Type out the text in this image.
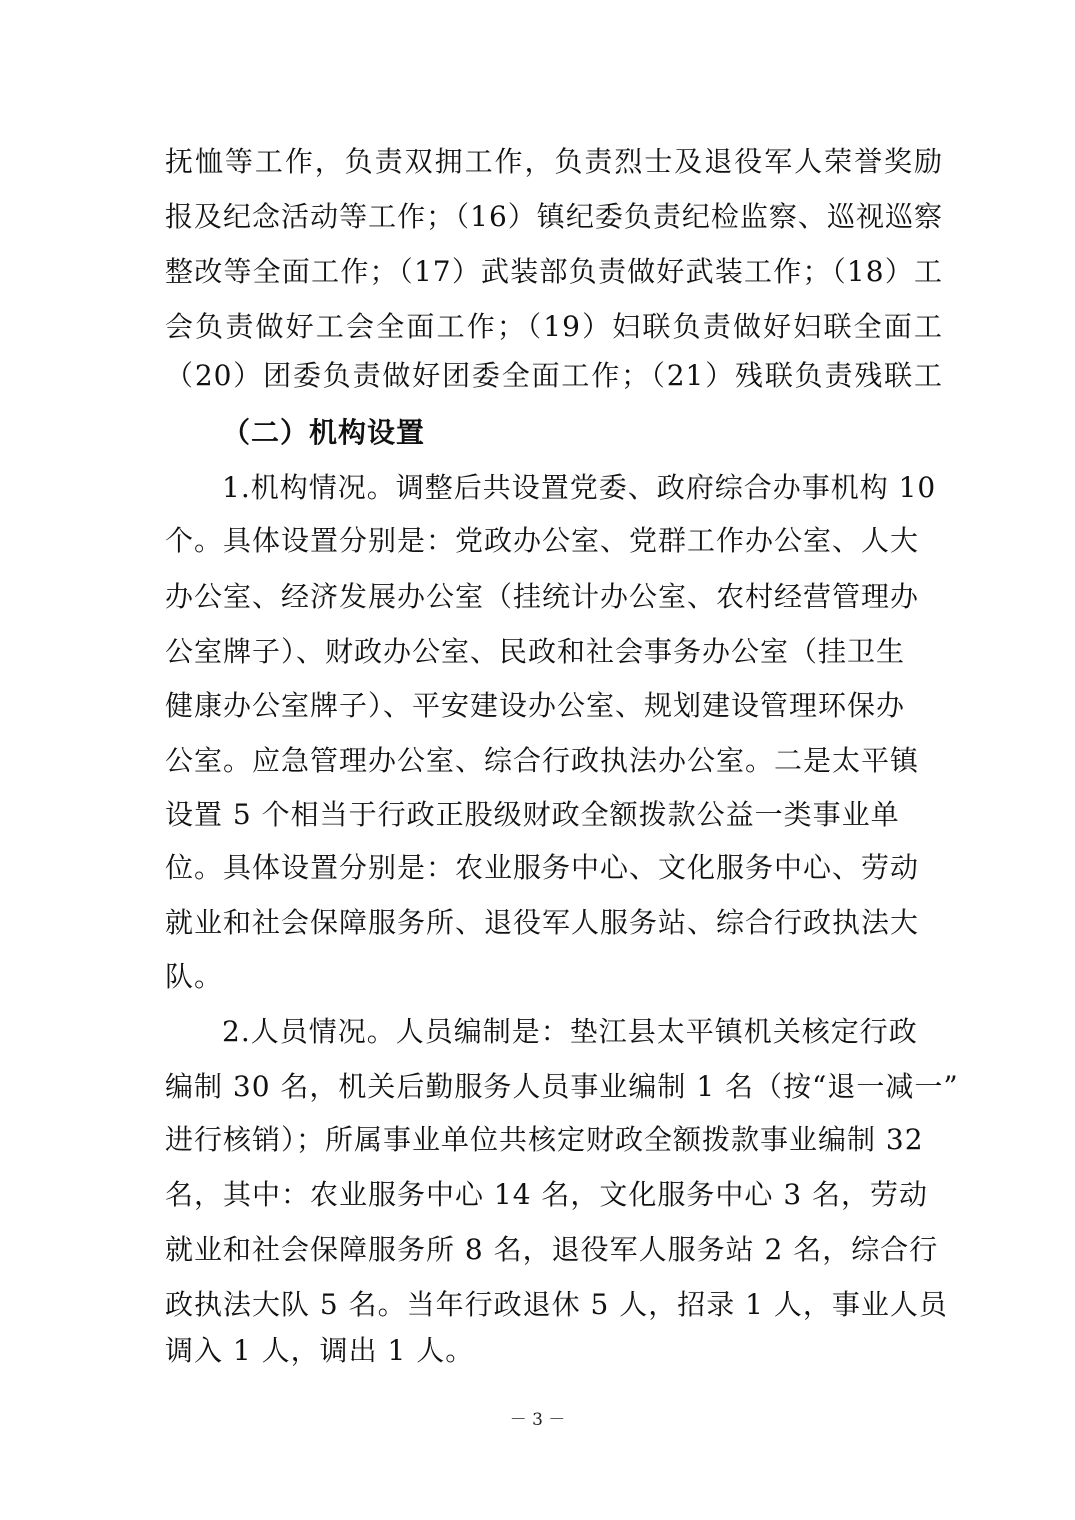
抚恤等工作，负责双拥工作，负责烈士及退役军人荣誉奖励
报及纪念活动等工作；（16）镇纪委负责纪检监察、巡视巡察
整改等全面工作；（17）武装部负责做好武装工作；（18）工
会负责做好工会全面工作；（19）妇联负责做好妇联全面工
（20）团委负责做好团委全面工作；（21）残联负责残联工
（二）机构设置
1.机构情况。调整后共设置党委、政府综合办事机构 10
个。具体设置分别是：党政办公室、党群工作办公室、人大
办公室、经济发展办公室（挂统计办公室、农村经营管理办
公室牌子）、财政办公室、民政和社会事务办公室（挂卫生
健康办公室牌子）、平安建设办公室、规划建设管理环保办
公室。应急管理办公室、综合行政执法办公室。二是太平镇
设置 5 个相当于行政正股级财政全额拨款公益一类事业单
位。具体设置分别是：农业服务中心、文化服务中心、劳动
就业和社会保障服务所、退役军人服务站、综合行政执法大
队。
2.人员情况。人员编制是：垫江县太平镇机关核定行政
编制 30 名，机关后勤服务人员事业编制 1 名（按“退一减一”
进行核销）；所属事业单位共核定财政全额拨款事业编制 32
名，其中：农业服务中心 14 名，文化服务中心 3 名，劳动
就业和社会保障服务所 8 名，退役军人服务站 2 名，综合行
政执法大队 5 名。当年行政退休 5 人，招录 1 人，事业人员
调入 1 人，调出 1 人。
－ 3 －
